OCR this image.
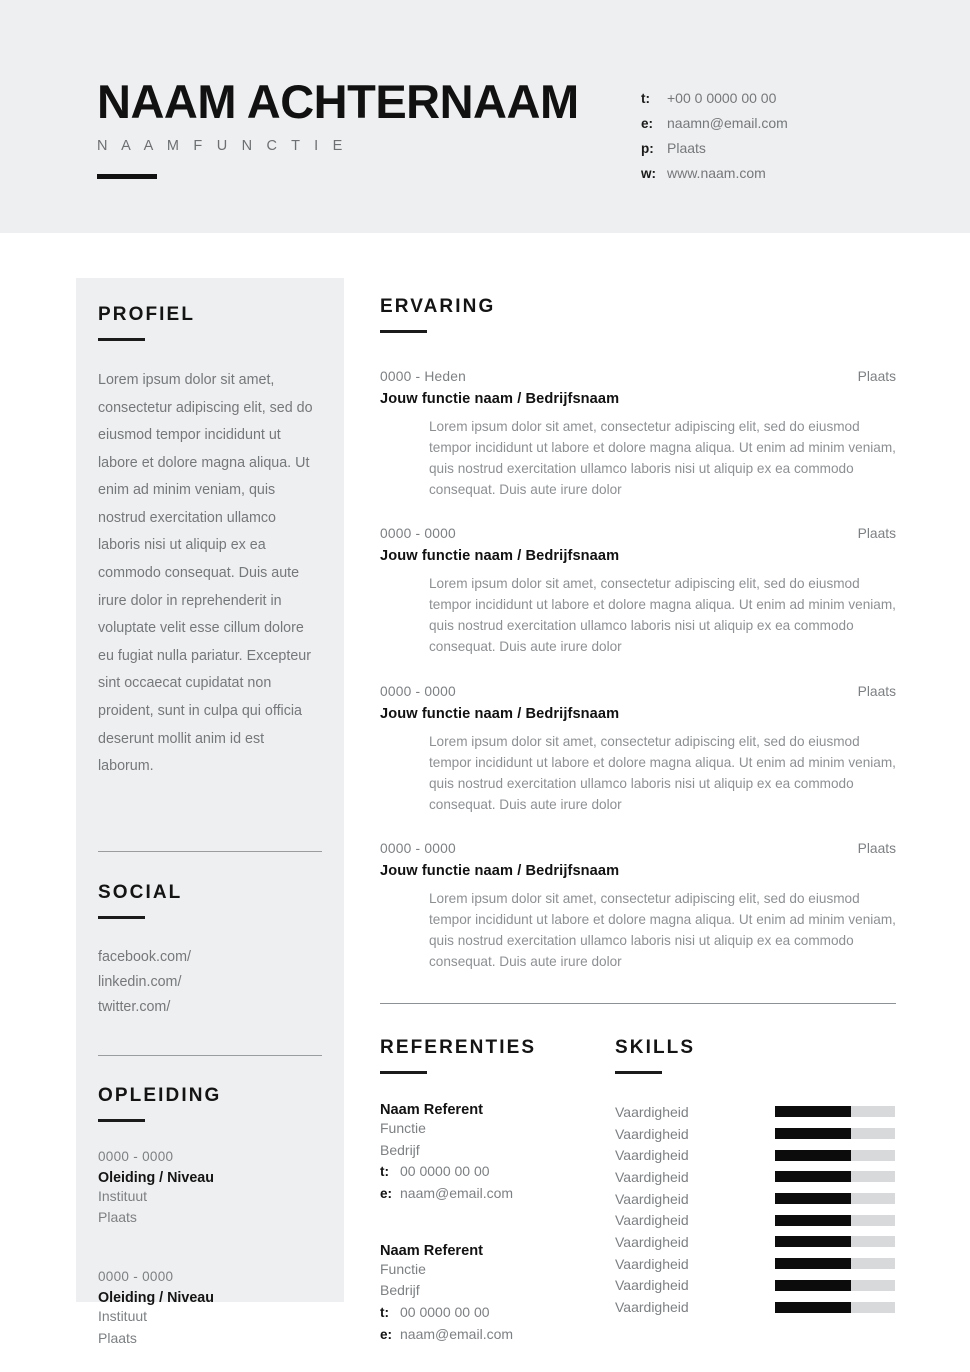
NAAM ACHTERNAAM
N A A M F U N C T I E
t:	+00 0 0000 00 00
e: naamn@email.com
p: Plaats
w: www.naam.com
PROFIEL

Lorem ipsum dolor sit amet, consectetur adipiscing elit, sed do eiusmod tempor incididunt ut labore et dolore magna aliqua. Ut enim ad minim veniam, quis nostrud exercitation ullamco laboris nisi ut aliquip ex ea commodo consequat. Duis aute irure dolor in reprehenderit in voluptate velit esse cillum dolore eu fugiat nulla pariatur. Excepteur sint occaecat cupidatat non proident, sunt in culpa qui officia deserunt mollit anim id est laborum.

SOCIAL
facebook.com/
linkedin.com/
twitter.com/
OPLEIDING
0000 - 0000
Oleiding / Niveau
Instituut
Plaats
0000 - 0000
Oleiding / Niveau
Instituut
Plaats
ERVARING
0000 - Heden	Plaats
Jouw functie naam / Bedrijfsnaam

Lorem ipsum dolor sit amet, consectetur adipiscing elit, sed do eiusmod tempor incididunt ut labore et dolore magna aliqua. Ut enim ad minim veniam, quis nostrud exercitation ullamco laboris nisi ut aliquip ex ea commodo consequat. Duis aute irure dolor

0000 - 0000	Plaats
Jouw functie naam / Bedrijfsnaam

Lorem ipsum dolor sit amet, consectetur adipiscing elit, sed do eiusmod tempor incididunt ut labore et dolore magna aliqua. Ut enim ad minim veniam, quis nostrud exercitation ullamco laboris nisi ut aliquip ex ea commodo consequat. Duis aute irure dolor

0000 - 0000	Plaats
Jouw functie naam / Bedrijfsnaam

Lorem ipsum dolor sit amet, consectetur adipiscing elit, sed do eiusmod tempor incididunt ut labore et dolore magna aliqua. Ut enim ad minim veniam, quis nostrud exercitation ullamco laboris nisi ut aliquip ex ea commodo consequat. Duis aute irure dolor

0000 - 0000	Plaats
Jouw functie naam / Bedrijfsnaam

Lorem ipsum dolor sit amet, consectetur adipiscing elit, sed do eiusmod tempor incididunt ut labore et dolore magna aliqua. Ut enim ad minim veniam, quis nostrud exercitation ullamco laboris nisi ut aliquip ex ea commodo consequat. Duis aute irure dolor

REFERENTIES
Naam Referent
Functie
Bedrijf
t: 00 0000 00 00
e: naam@email.com
Naam Referent
Functie
Bedrijf
t: 00 0000 00 00
e: naam@email.com
SKILLS
Vaardigheid
Vaardigheid
Vaardigheid
Vaardigheid
Vaardigheid
Vaardigheid
Vaardigheid
Vaardigheid
Vaardigheid
Vaardigheid
